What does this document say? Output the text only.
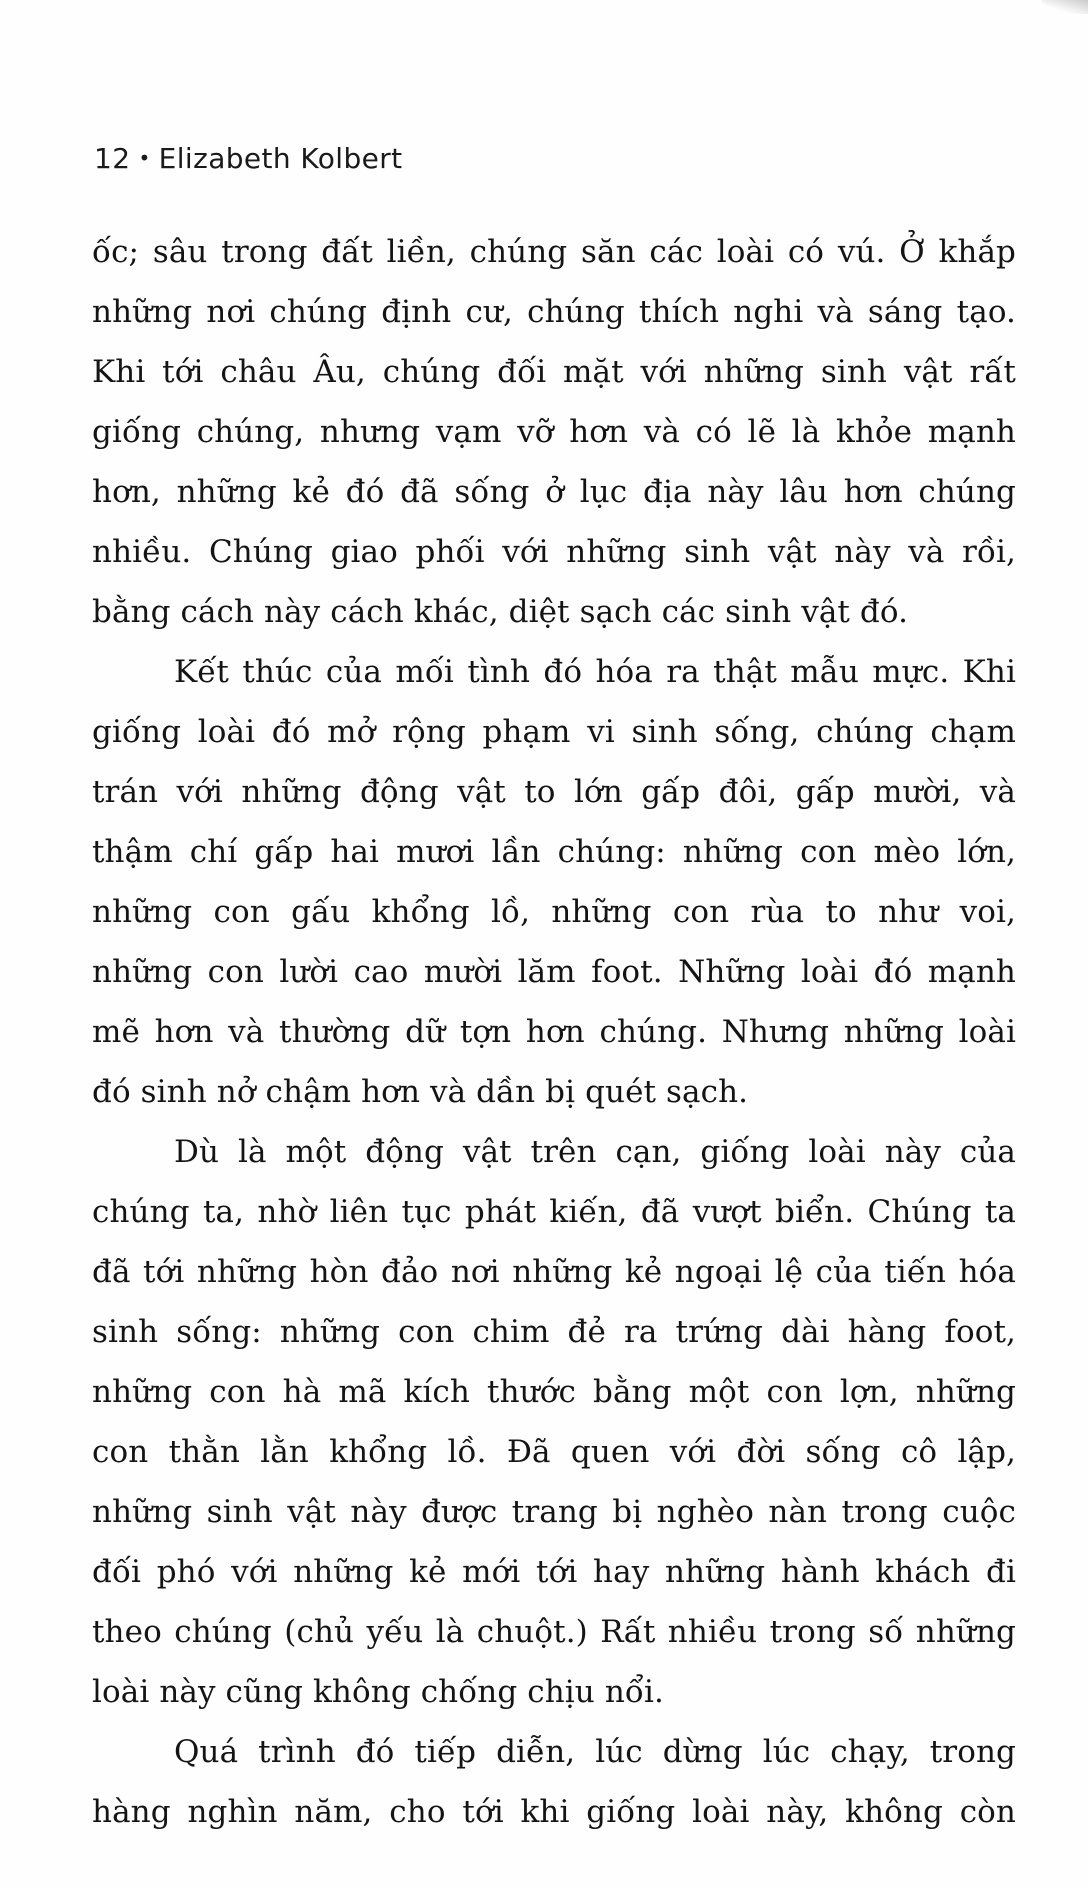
12 • Elizabeth Kolbert

ốc; sâu trong đất liền, chúng săn các loài có vú. Ở khắp
những nơi chúng định cư, chúng thích nghi và sáng tạo.
Khi tới châu Âu, chúng đối mặt với những sinh vật rất
giống chúng, nhưng vạm vỡ hơn và có lẽ là khỏe mạnh
hơn, những kẻ đó đã sống ở lục địa này lâu hơn chúng
nhiều. Chúng giao phối với những sinh vật này và rồi,
bằng cách này cách khác, diệt sạch các sinh vật đó.

Kết thúc của mối tình đó hóa ra thật mẫu mực. Khi
giống loài đó mở rộng phạm vi sinh sống, chúng chạm
trán với những động vật to lớn gấp đôi, gấp mười, và
thậm chí gấp hai mươi lần chúng: những con mèo lớn,
những con gấu khổng lồ, những con rùa to như voi,
những con lười cao mười lăm foot. Những loài đó mạnh
mẽ hơn và thường dữ tợn hơn chúng. Nhưng những loài
đó sinh nở chậm hơn và dần bị quét sạch.

Dù là một động vật trên cạn, giống loài này của
chúng ta, nhờ liên tục phát kiến, đã vượt biển. Chúng ta
đã tới những hòn đảo nơi những kẻ ngoại lệ của tiến hóa
sinh sống: những con chim đẻ ra trứng dài hàng foot,
những con hà mã kích thước bằng một con lợn, những
con thằn lằn khổng lồ. Đã quen với đời sống cô lập,
những sinh vật này được trang bị nghèo nàn trong cuộc
đối phó với những kẻ mới tới hay những hành khách đi
theo chúng (chủ yếu là chuột.) Rất nhiều trong số những
loài này cũng không chống chịu nổi.

Quá trình đó tiếp diễn, lúc dừng lúc chạy, trong
hàng nghìn năm, cho tới khi giống loài này, không còn
